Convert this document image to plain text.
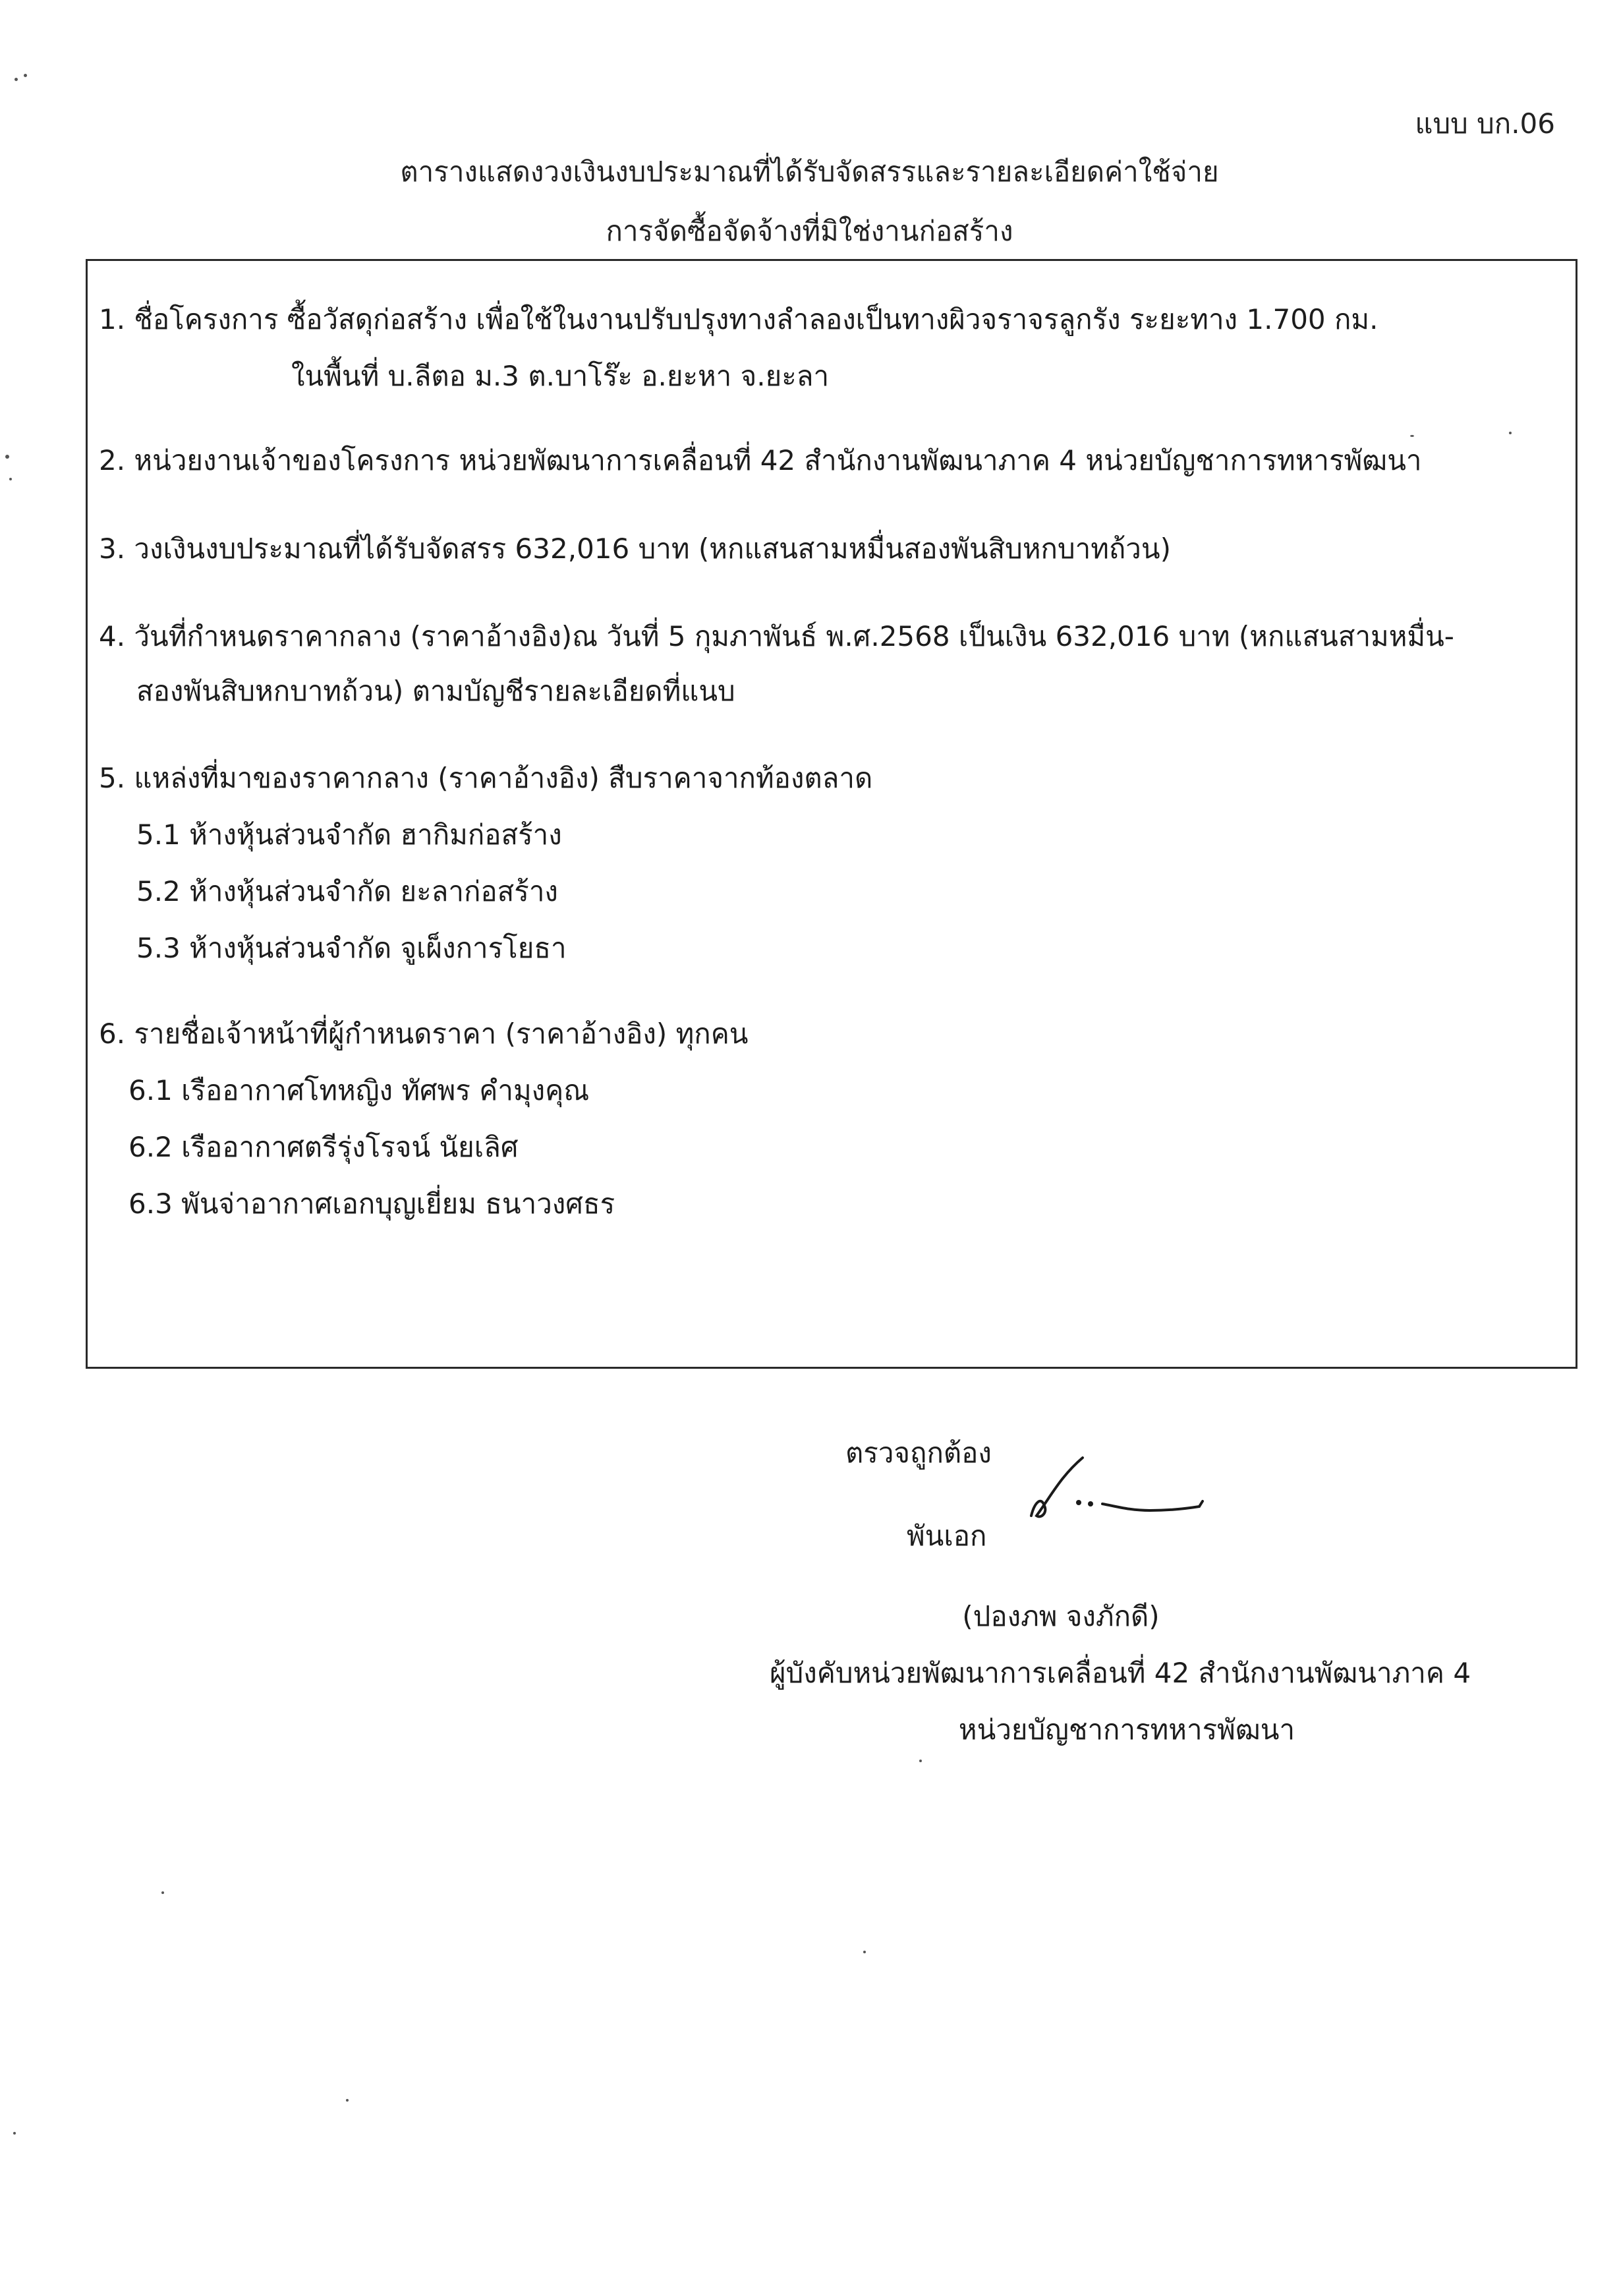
แบบ บก.06
ตารางแสดงวงเงินงบประมาณที่ได้รับจัดสรรและรายละเอียดค่าใช้จ่าย
การจัดซื้อจัดจ้างที่มิใช่งานก่อสร้าง
1. ชื่อโครงการ ซื้อวัสดุก่อสร้าง เพื่อใช้ในงานปรับปรุงทางลำลองเป็นทางผิวจราจรลูกรัง ระยะทาง 1.700 กม.
ในพื้นที่ บ.ลีตอ ม.3 ต.บาโร๊ะ อ.ยะหา จ.ยะลา
2. หน่วยงานเจ้าของโครงการ หน่วยพัฒนาการเคลื่อนที่ 42 สำนักงานพัฒนาภาค 4 หน่วยบัญชาการทหารพัฒนา
3. วงเงินงบประมาณที่ได้รับจัดสรร 632,016 บาท (หกแสนสามหมื่นสองพันสิบหกบาทถ้วน)
4. วันที่กำหนดราคากลาง (ราคาอ้างอิง)ณ วันที่ 5 กุมภาพันธ์ พ.ศ.2568 เป็นเงิน 632,016 บาท (หกแสนสามหมื่น-
สองพันสิบหกบาทถ้วน) ตามบัญชีรายละเอียดที่แนบ
5. แหล่งที่มาของราคากลาง (ราคาอ้างอิง) สืบราคาจากท้องตลาด
5.1 ห้างหุ้นส่วนจำกัด ฮากิมก่อสร้าง
5.2 ห้างหุ้นส่วนจำกัด ยะลาก่อสร้าง
5.3 ห้างหุ้นส่วนจำกัด จูเผ็งการโยธา
6. รายชื่อเจ้าหน้าที่ผู้กำหนดราคา (ราคาอ้างอิง) ทุกคน
6.1 เรืออากาศโทหญิง ทัศพร คำมุงคุณ
6.2 เรืออากาศตรีรุ่งโรจน์ นัยเลิศ
6.3 พันจ่าอากาศเอกบุญเยี่ยม ธนาวงศธร
ตรวจถูกต้อง
พันเอก
(ปองภพ จงภักดี)
ผู้บังคับหน่วยพัฒนาการเคลื่อนที่ 42 สำนักงานพัฒนาภาค 4
หน่วยบัญชาการทหารพัฒนา
